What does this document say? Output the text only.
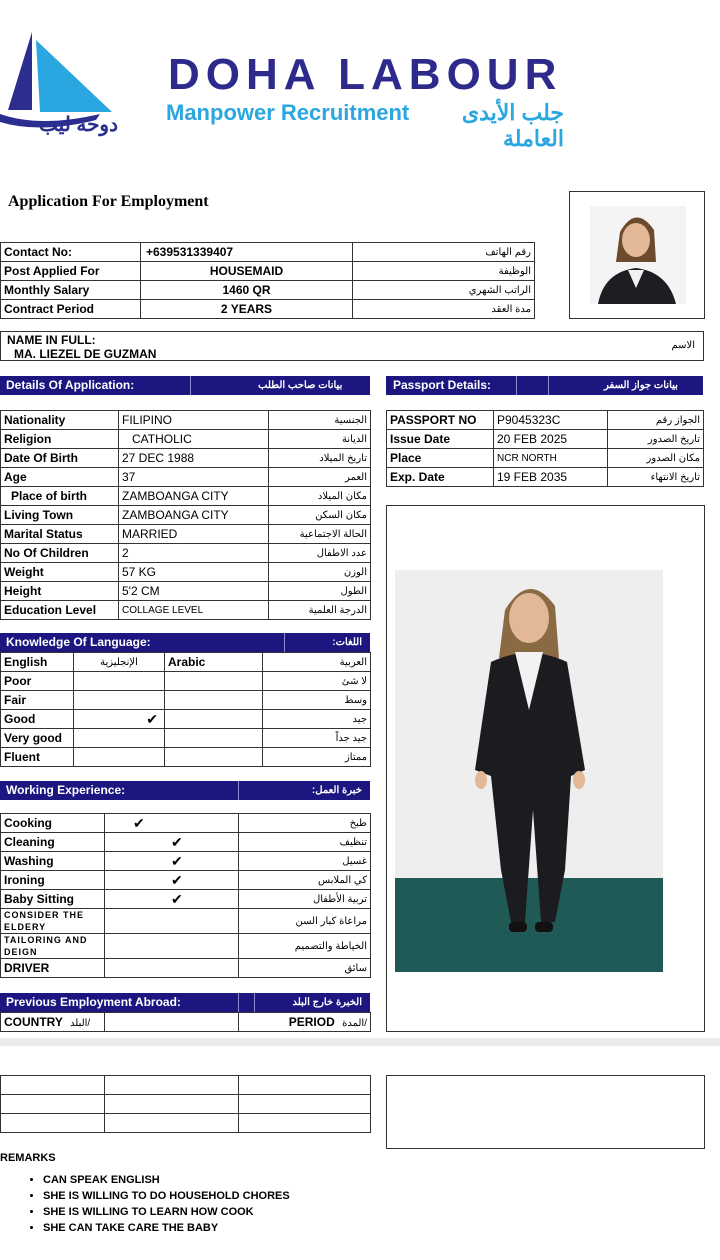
دوحة ليب
DOHA LABOUR
Manpower Recruitment	جلب الأيدى العاملة
Application For Employment
Contact No:	+639531339407	رقم الهاتف
Post Applied For	HOUSEMAID	الوظيفة
Monthly Salary	1460 QR	الراتب الشهري
Contract Period	2 YEARS	مدة العقد
NAME IN FULL:
MA. LIEZEL DE GUZMAN
الاسم
Details Of Application:	بيانات صاحب الطلب	Passport Details:	بيانات جواز السفر
Nationality	FILIPINO	الجنسية
Religion	CATHOLIC	الديانة
Date Of Birth	27 DEC 1988	تاريخ الميلاد
Age	37	العمر
Place of birth	ZAMBOANGA CITY	مكان الميلاد
Living Town	ZAMBOANGA CITY	مكان السكن
Marital Status	MARRIED	الحالة الاجتماعية
No Of Children	2	عدد الاطفال
Weight	57 KG	الوزن
Height	5'2 CM	الطول
Education Level	COLLAGE LEVEL	الدرجة العلمية
PASSPORT NO	P9045323C	الجواز رقم
Issue Date	20 FEB 2025	تاريخ الصدور
Place	NCR NORTH	مكان الصدور
Exp. Date	19 FEB 2035	تاريخ الانتهاء
Knowledge Of Language:	اللغات:
English	الإنجليزية	Arabic	العربية
Poor			لا شئ
Fair			وسط
Good	✔		جيد
Very good			جيد جداً
Fluent			ممتاز
Working Experience:	خبرة العمل:
Cooking	✔	طبخ
Cleaning	✔	تنظيف
Washing	✔	غسيل
Ironing	✔	كي الملابس
Baby Sitting	✔	تربية الأطفال
CONSIDER THE ELDERY		مراعاة كبار السن
TAILORING AND DEIGN		الخياطة والتصميم
DRIVER		سائق
Previous Employment Abroad:	الخبرة خارج البلد
COUNTRY البلد/		PERIOD المدة/

REMARKS
• CAN SPEAK ENGLISH
• SHE IS WILLING TO DO HOUSEHOLD CHORES
• SHE IS WILLING TO LEARN HOW COOK
• SHE CAN TAKE CARE THE BABY
